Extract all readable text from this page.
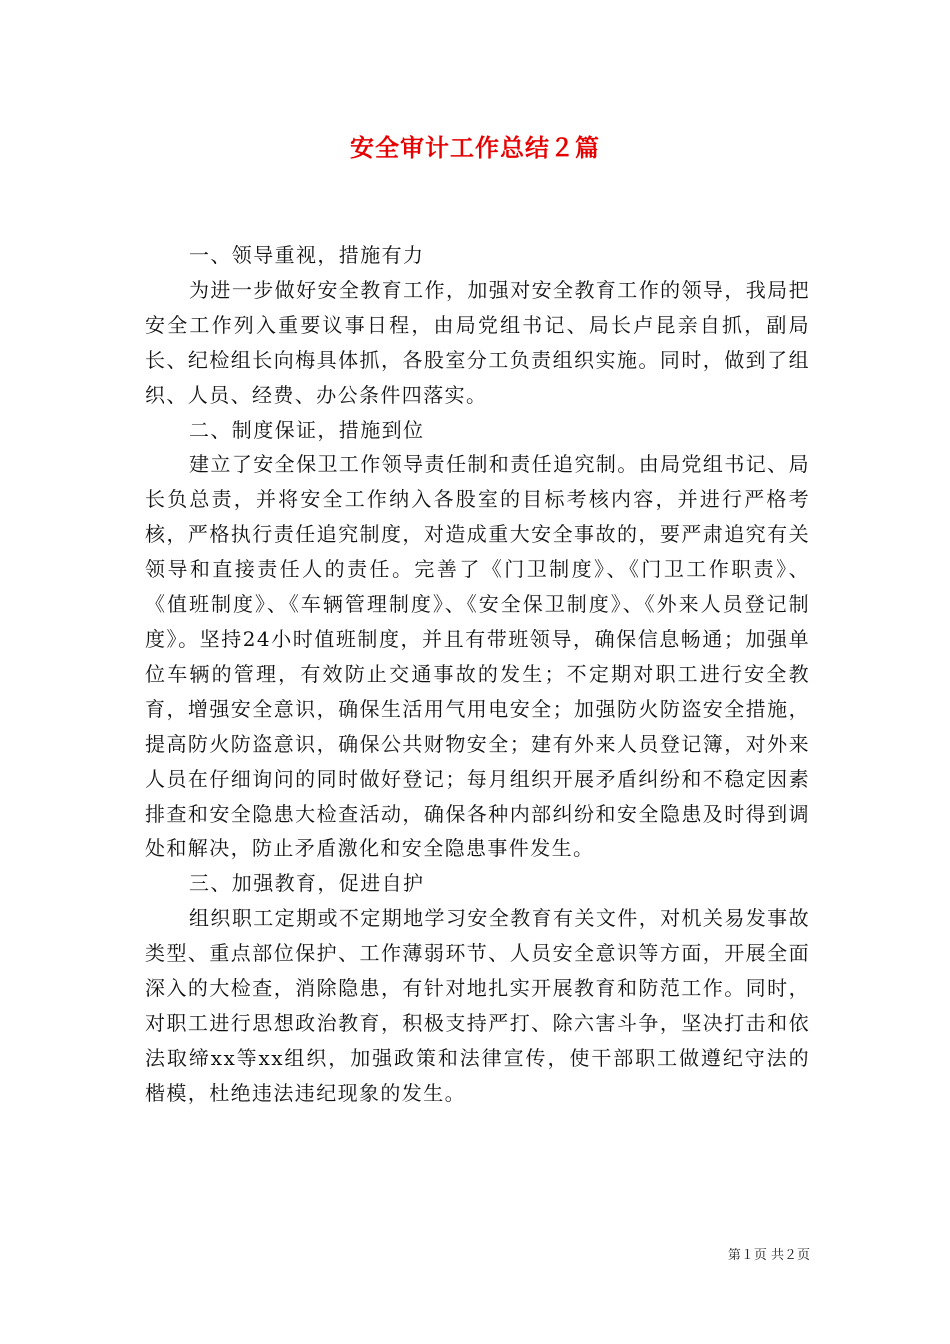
安全审计工作总结２篇

一、领导重视，措施有力

为进一步做好安全教育工作，加强对安全教育工作的领导，我局把安全工作列入重要议事日程，由局党组书记、局长卢昆亲自抓，副局长、纪检组长向梅具体抓，各股室分工负责组织实施。同时，做到了组织、人员、经费、办公条件四落实。

二、制度保证，措施到位

建立了安全保卫工作领导责任制和责任追究制。由局党组书记、局长负总责，并将安全工作纳入各股室的目标考核内容，并进行严格考核，严格执行责任追究制度，对造成重大安全事故的，要严肃追究有关领导和直接责任人的责任。完善了《门卫制度》、《门卫工作职责》、《值班制度》、《车辆管理制度》、《安全保卫制度》、《外来人员登记制度》。坚持24小时值班制度，并且有带班领导，确保信息畅通；加强单位车辆的管理，有效防止交通事故的发生；不定期对职工进行安全教育，增强安全意识，确保生活用气用电安全；加强防火防盗安全措施，提高防火防盗意识，确保公共财物安全；建有外来人员登记簿，对外来人员在仔细询问的同时做好登记；每月组织开展矛盾纠纷和不稳定因素排查和安全隐患大检查活动，确保各种内部纠纷和安全隐患及时得到调处和解决，防止矛盾激化和安全隐患事件发生。

三、加强教育，促进自护

组织职工定期或不定期地学习安全教育有关文件，对机关易发事故类型、重点部位保护、工作薄弱环节、人员安全意识等方面，开展全面深入的大检查，消除隐患，有针对地扎实开展教育和防范工作。同时，对职工进行思想政治教育，积极支持严打、除六害斗争，坚决打击和依法取缔xx等xx组织，加强政策和法律宣传，使干部职工做遵纪守法的楷模，杜绝违法违纪现象的发生。

第１页 共２页
